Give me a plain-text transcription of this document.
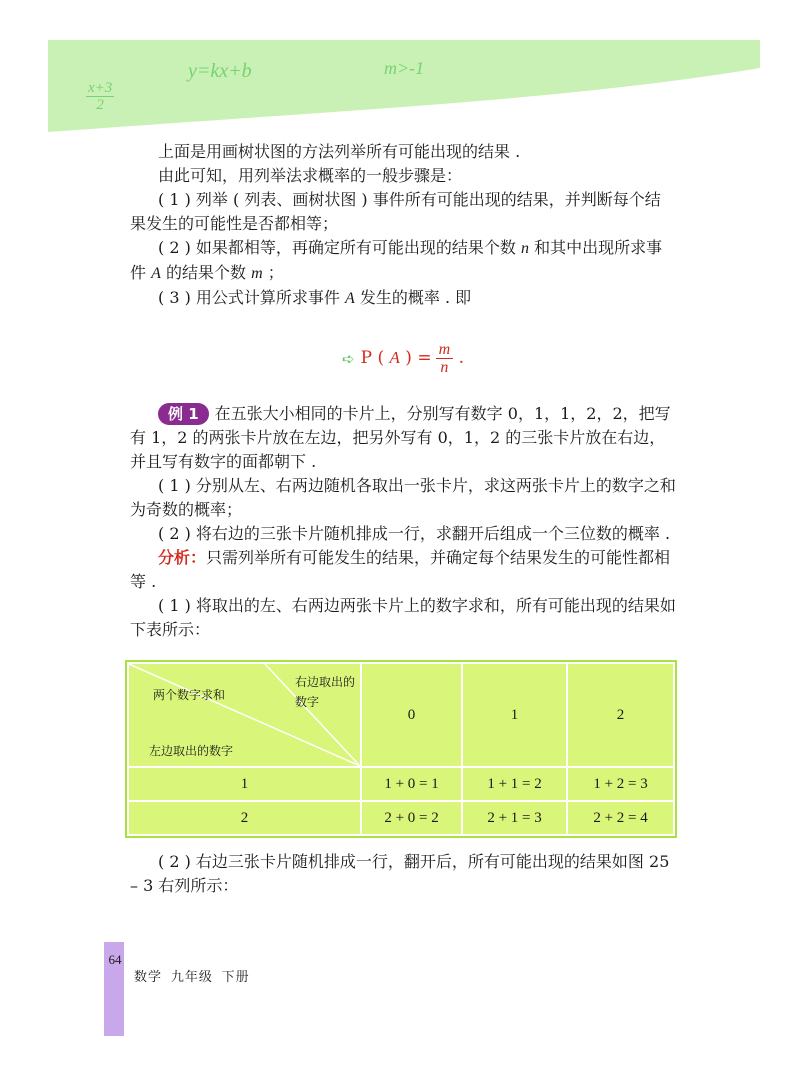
$\frac{x+3}{2}$
y=kx+b	m>-1

上面是用画树状图的方法列举所有可能出现的结果 .

由此可知，用列举法求概率的一般步骤是：

( 1 ) 列举 ( 列表、画树状图 ) 事件所有可能出现的结果，并判断每个结果发生的可能性是否都相等；

( 2 ) 如果都相等，再确定所有可能出现的结果个数 n 和其中出现所求事件 A 的结果个数 m ；

( 3 ) 用公式计算所求事件 A 发生的概率 . 即

➪ P ( A ) = $\frac{m}{n}$ .

例 1 在五张大小相同的卡片上，分别写有数字 0，1，1，2，2，把写有 1，2 的两张卡片放在左边，把另外写有 0，1，2 的三张卡片放在右边，并且写有数字的面都朝下 .

( 1 ) 分别从左、右两边随机各取出一张卡片，求这两张卡片上的数字之和为奇数的概率；

( 2 ) 将右边的三张卡片随机排成一行，求翻开后组成一个三位数的概率 .

分析：只需列举所有可能发生的结果，并确定每个结果发生的可能性都相等 .

( 1 ) 将取出的左、右两边两张卡片上的数字求和，所有可能出现的结果如下表所示：

右边取出的数字
两个数字求和
左边取出的数字	0	1	2
1	1 + 0 = 1	1 + 1 = 2	1 + 2 = 3
2	2 + 0 = 2	2 + 1 = 3	2 + 2 = 4

( 2 ) 右边三张卡片随机排成一行，翻开后，所有可能出现的结果如图 25 – 3 右列所示：

64
数学 九年级 下册
